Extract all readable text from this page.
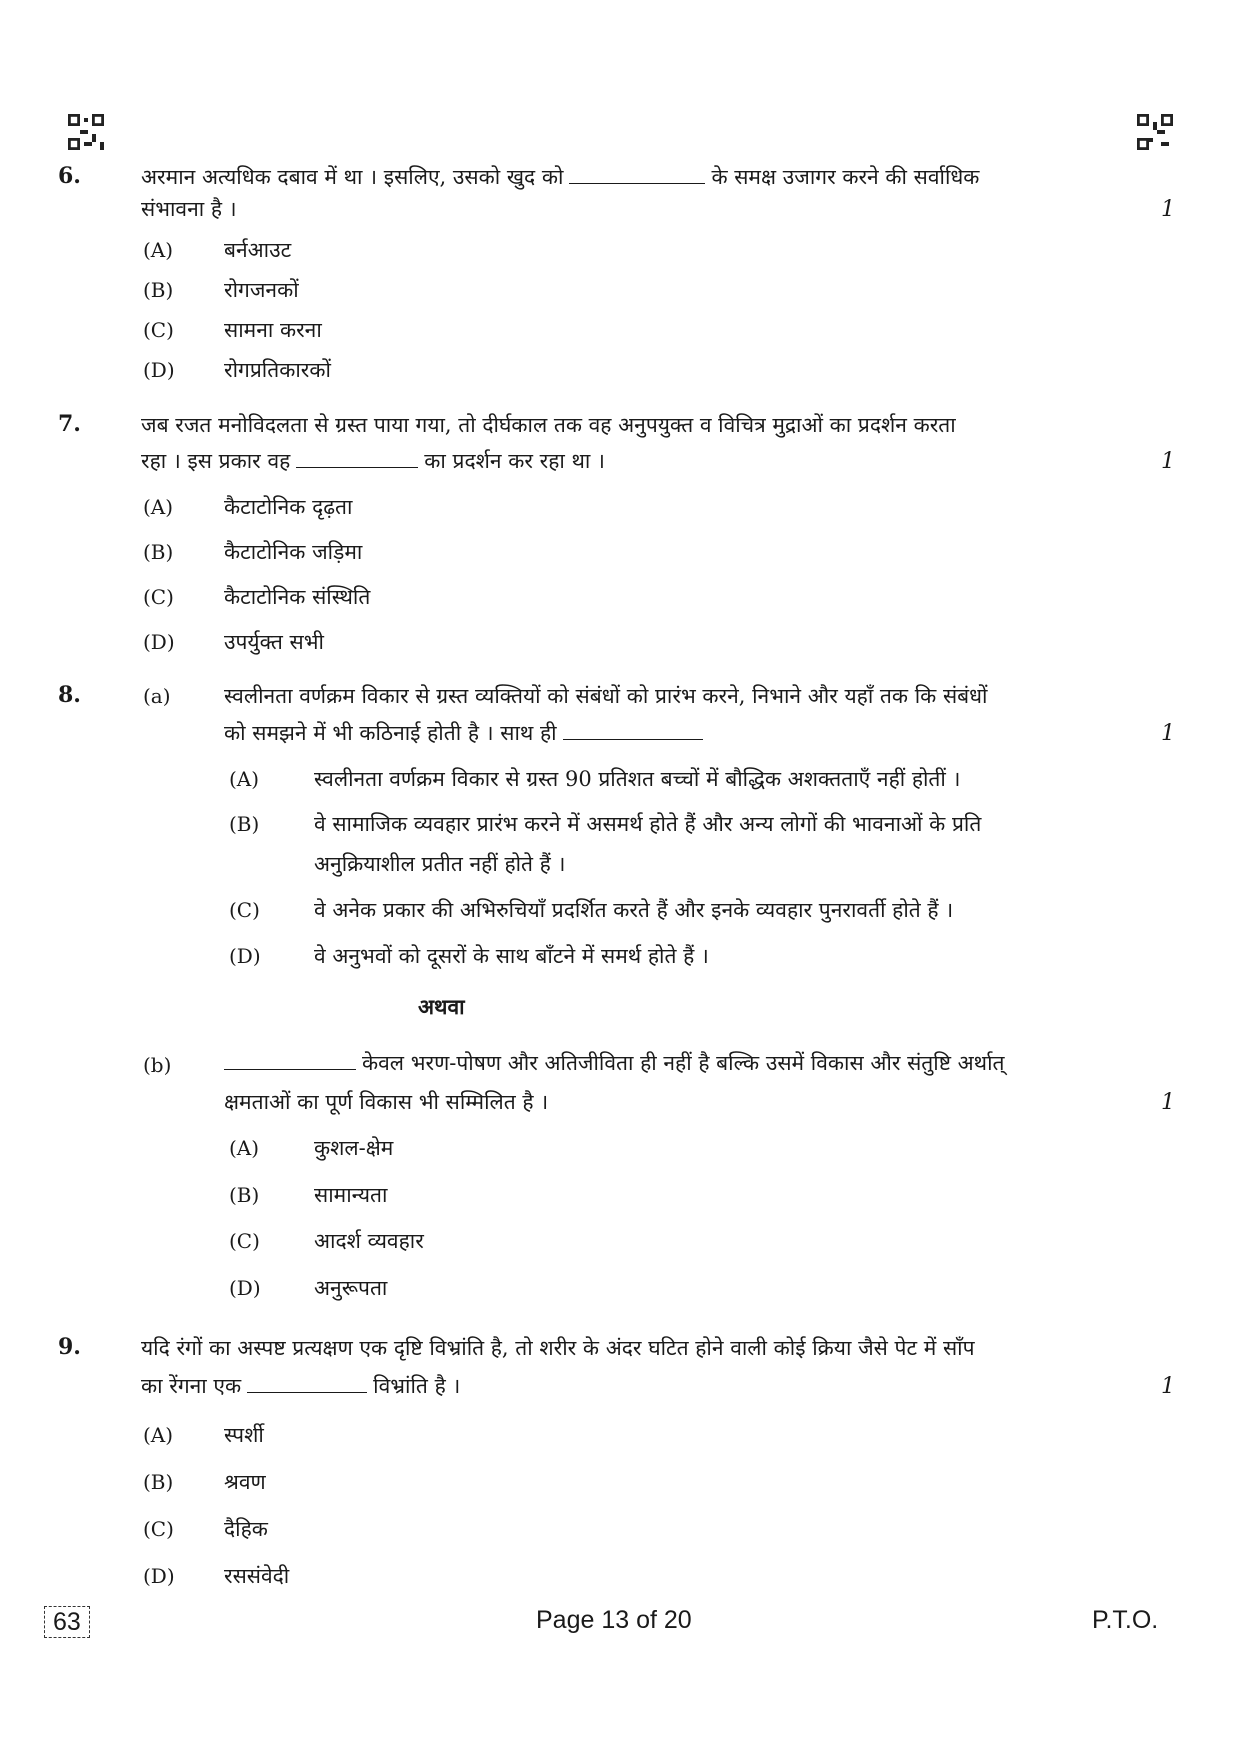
6.	अरमान अत्यधिक दबाव में था । इसलिए, उसको खुद को	के समक्ष उजागर करने की सर्वाधिक
संभावना है ।	1
(A) बर्नआउट
(B) रोगजनकों
(C) सामना करना
(D) रोगप्रतिकारकों
7.	जब रजत मनोविदलता से ग्रस्त पाया गया, तो दीर्घकाल तक वह अनुपयुक्त व विचित्र मुद्राओं का प्रदर्शन करता
रहा । इस प्रकार वह	का प्रदर्शन कर रहा था ।	1
(A) कैटाटोनिक दृढ़ता
(B) कैटाटोनिक जड़िमा
(C) कैटाटोनिक संस्थिति
(D) उपर्युक्त सभी
8.	(a)	स्वलीनता वर्णक्रम विकार से ग्रस्त व्यक्तियों को संबंधों को प्रारंभ करने, निभाने और यहाँ तक कि संबंधों
को समझने में भी कठिनाई होती है । साथ ही	1
(A)	स्वलीनता वर्णक्रम विकार से ग्रस्त 90 प्रतिशत बच्चों में बौद्धिक अशक्तताएँ नहीं होतीं ।
(B)	वे सामाजिक व्यवहार प्रारंभ करने में असमर्थ होते हैं और अन्य लोगों की भावनाओं के प्रति
अनुक्रियाशील प्रतीत नहीं होते हैं ।
(C)	वे अनेक प्रकार की अभिरुचियाँ प्रदर्शित करते हैं और इनके व्यवहार पुनरावर्ती होते हैं ।
(D)	वे अनुभवों को दूसरों के साथ बाँटने में समर्थ होते हैं ।
अथवा
(b)	केवल भरण-पोषण और अतिजीविता ही नहीं है बल्कि उसमें विकास और संतुष्टि अर्थात्
क्षमताओं का पूर्ण विकास भी सम्मिलित है ।	1
(A)	कुशल-क्षेम
(B)	सामान्यता
(C)	आदर्श व्यवहार
(D)	अनुरूपता
9.	यदि रंगों का अस्पष्ट प्रत्यक्षण एक दृष्टि विभ्रांति है, तो शरीर के अंदर घटित होने वाली कोई क्रिया जैसे पेट में साँप
का रेंगना एक	विभ्रांति है ।	1
(A) स्पर्शी
(B) श्रवण
(C) दैहिक
(D) रससंवेदी
63	Page 13 of 20	P.T.O.
